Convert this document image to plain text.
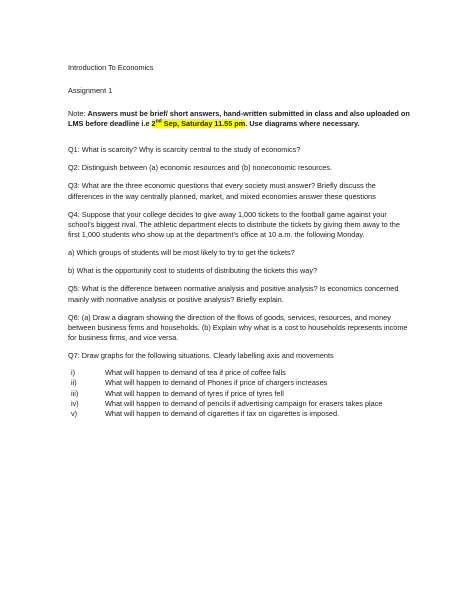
Introduction To Economics

Assignment 1

Note: Answers must be brief/ short answers, hand-written submitted in class and also uploaded on LMS before deadline i.e 2nd Sep, Saturday 11.55 pm. Use diagrams where necessary.

Q1: What is scarcity? Why is scarcity central to the study of economics?

Q2: Distinguish between (a) economic resources and (b) noneconomic resources.

Q3: What are the three economic questions that every society must answer? Briefly discuss the differences in the way centrally planned, market, and mixed economies answer these questions

Q4: Suppose that your college decides to give away 1,000 tickets to the football game against your school’s biggest rival. The athletic department elects to distribute the tickets by giving them away to the first 1,000 students who show up at the department’s office at 10 a.m. the following Monday.

a) Which groups of students will be most likely to try to get the tickets?

b) What is the opportunity cost to students of distributing the tickets this way?

Q5: What is the difference between normative analysis and positive analysis? Is economics concerned mainly with normative analysis or positive analysis? Briefly explain.

Q6: (a) Draw a diagram showing the direction of the flows of goods, services, resources, and money between business firms and households. (b) Explain why what is a cost to households represents income for business firms, and vice versa.

Q7: Draw graphs for the following situations. Clearly labelling axis and movements

i)	What will happen to demand of tea if price of coffee falls
ii)	What will happen to demand of Phones if price of chargers increases
iii)	What will happen to demand of tyres if price of tyres fell
iv)	What will happen to demand of pencils if advertising campaign for erasers takes place
v)	What will happen to demand of cigarettes if tax on cigarettes is imposed.
